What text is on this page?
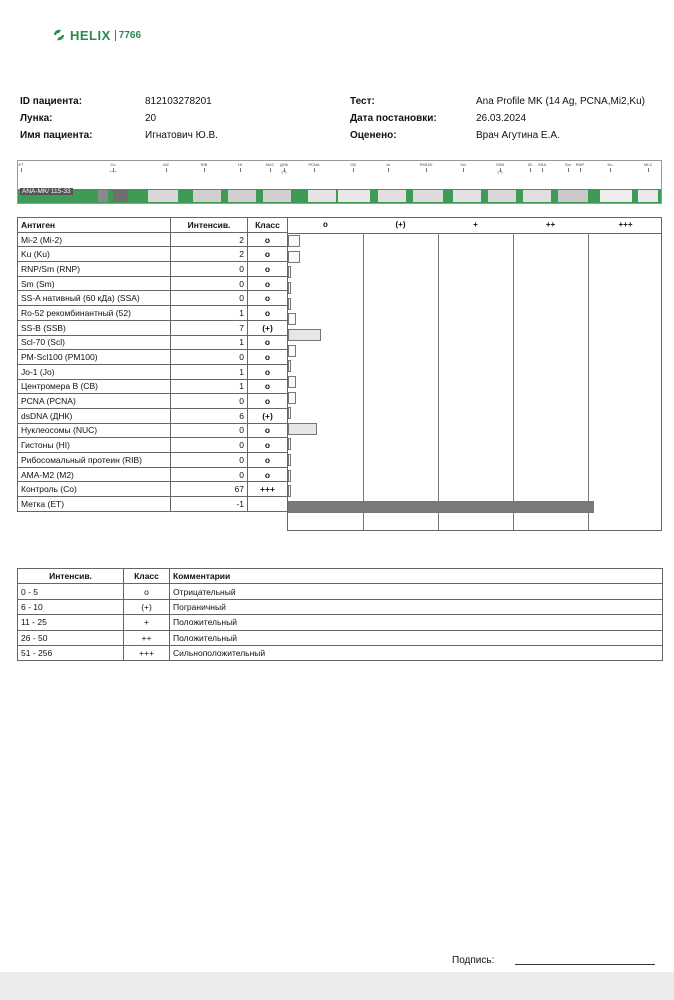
HELIX 7766
ID пациента:	812103278201
Лунка:	20
Имя пациента:	Игнатович Ю.В.
Тест:	Ana Profile MK (14 Ag, PCNA,Mi2,Ku)
Дата постановки:	26.03.2024
Оценено:	Врач Агутина Е.А.
ANA-MK/ 115-33
ET	Co	M2	RIB	HI	NUC ДНК	PCNA	CB	Jo	PM100	Scl	SSB	52 SSA	Sm RNP	Ku	Mi-2
+++	(+)	(+)
Антиген	Интенсив.	Класс
Mi-2 (Mi-2)	2	o
Ku (Ku)	2	o
RNP/Sm (RNP)	0	o
Sm (Sm)	0	o
SS-A нативный (60 кДа) (SSA)	0	o
Ro-52 рекомбинантный (52)	1	o
SS-B (SSB)	7	(+)
Scl-70 (Scl)	1	o
PM-Scl100 (PM100)	0	o
Jo-1 (Jo)	1	o
Центромера В (CB)	1	o
PCNA (PCNA)	0	o
dsDNA (ДНК)	6	(+)
Нуклеосомы (NUC)	0	o
Гистоны (HI)	0	o
Рибосомальный протеин (RIB)	0	o
AMA-M2 (M2)	0	o
Контроль (Co)	67	+++
Метка (ET)	-1	
o	(+)	+	++	+++
Интенсив.	Класс	Комментарии
0 - 5	o	Отрицательный
6 - 10	(+)	Пограничный
11 - 25	+	Положительный
26 - 50	++	Положительный
51 - 256	+++	Сильноположительный
Подпись:
